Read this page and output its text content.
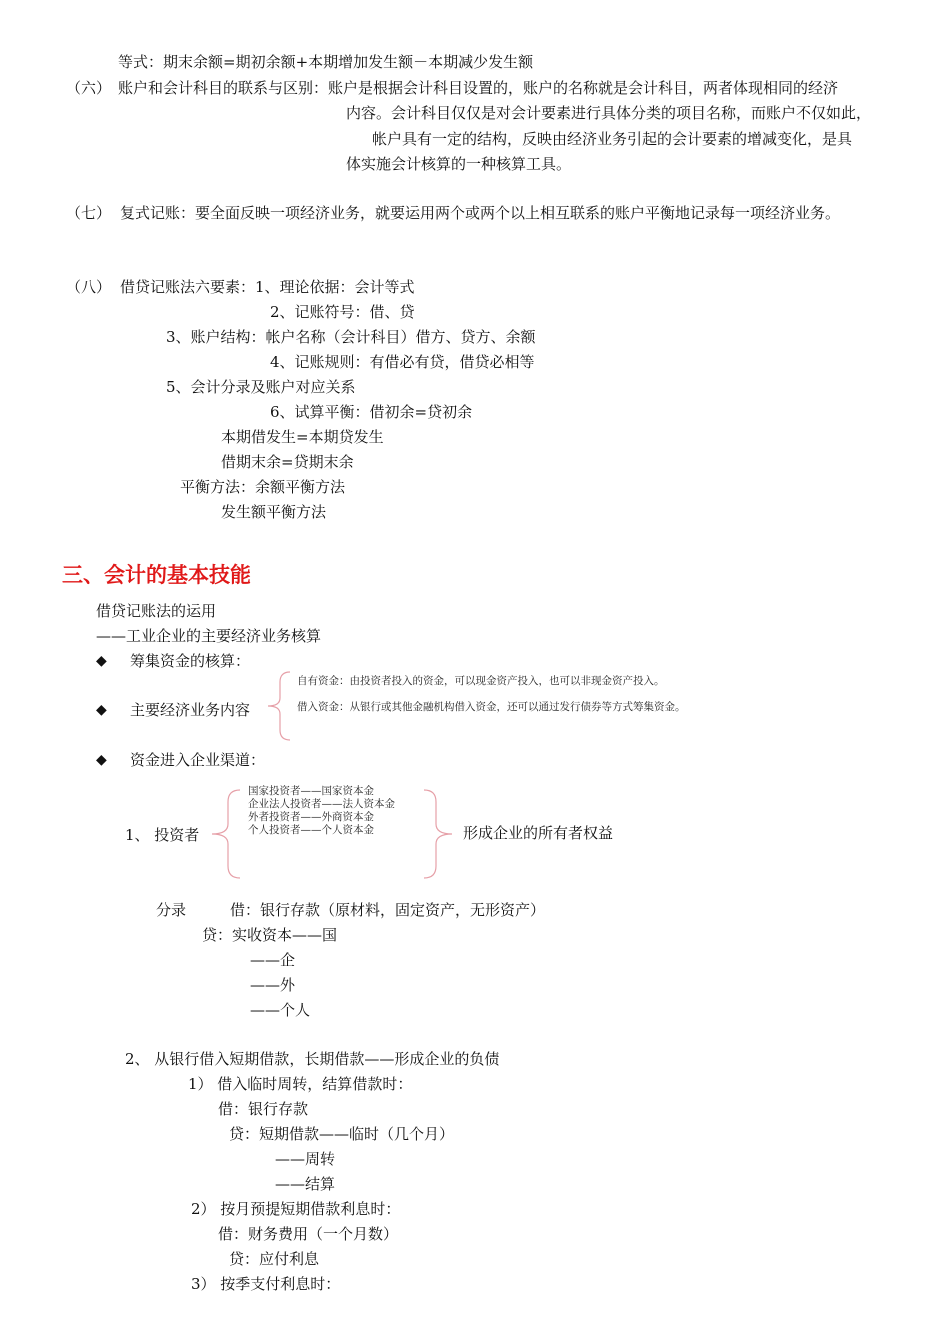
等式：期末余额=期初余额+本期增加发生额－本期减少发生额
（六） 账户和会计科目的联系与区别：账户是根据会计科目设置的，账户的名称就是会计科目，两者体现相同的经济
内容。会计科目仅仅是对会计要素进行具体分类的项目名称，而账户不仅如此，
帐户具有一定的结构，反映由经济业务引起的会计要素的增减变化，是具
体实施会计核算的一种核算工具。
（七） 复式记账：要全面反映一项经济业务，就要运用两个或两个以上相互联系的账户平衡地记录每一项经济业务。
（八） 借贷记账法六要素：1、理论依据：会计等式
2、记账符号：借、贷
3、账户结构：帐户名称（会计科目）借方、贷方、余额
4、记账规则：有借必有贷，借贷必相等
5、会计分录及账户对应关系
6、试算平衡：借初余=贷初余
本期借发生=本期贷发生
借期末余=贷期末余
平衡方法：余额平衡方法
发生额平衡方法
三、会计的基本技能
借贷记账法的运用
——工业企业的主要经济业务核算
◆ 筹集资金的核算：
◆ 主要经济业务内容
自有资金：由投资者投入的资金，可以现金资产投入，也可以非现金资产投入。
借入资金：从银行或其他金融机构借入资金，还可以通过发行债券等方式筹集资金。
◆ 资金进入企业渠道：
1、 投资者
国家投资者——国家资本金
企业法人投资者——法人资本金
外者投资者——外商资本金
个人投资者——个人资本金	形成企业的所有者权益
分录	借：银行存款（原材料，固定资产，无形资产）
贷：实收资本——国
——企
——外
——个人
2、 从银行借入短期借款，长期借款——形成企业的负债
1） 借入临时周转，结算借款时：
借：银行存款
贷：短期借款——临时（几个月）
——周转
——结算
2） 按月预提短期借款利息时：
借：财务费用（一个月数）
贷：应付利息
3） 按季支付利息时：
